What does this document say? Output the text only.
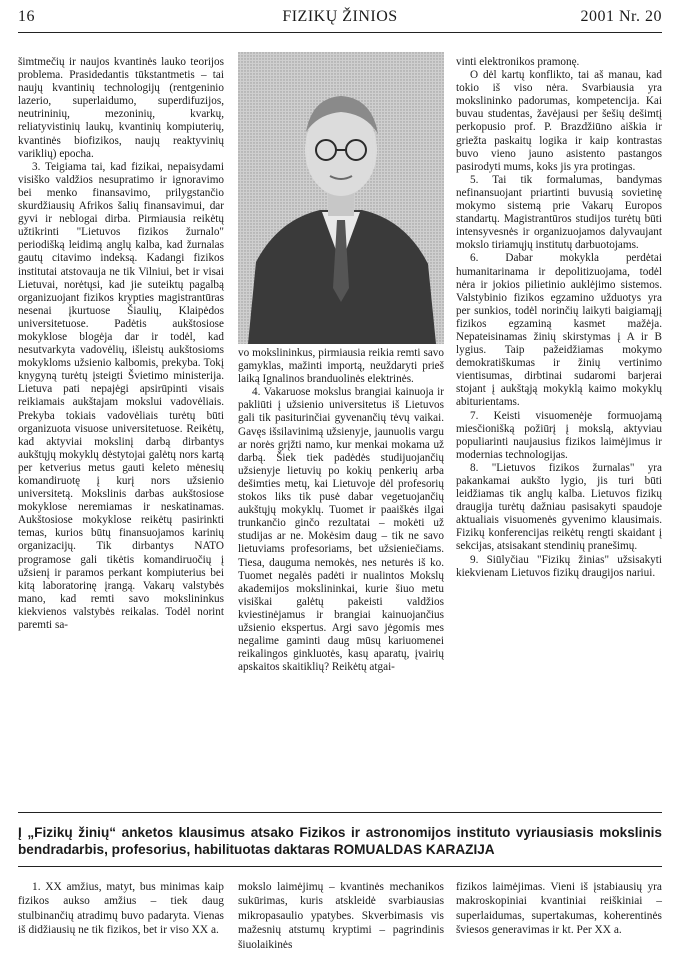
16	FIZIKŲ ŽINIOS	2001 Nr. 20

šimtmečių ir naujos kvantinės lauko teorijos problema. Prasidedantis tūkstantmetis – tai naujų kvantinių technologijų (rentgeninio lazerio, superlaidumo, superdifuzijos, neutrininių, mezoninių, kvarkų, reliatyvistinių laukų, kvantinių kompiuterių, kvantinės biofizikos, naujų reaktyvinių variklių) epocha.

3. Teigiama tai, kad fizikai, nepaisydami visiško valdžios nesupratimo ir ignoravimo bei menko finansavimo, prilygstančio skurdžiausių Afrikos šalių finansavimui, dar gyvi ir neblogai dirba. Pirmiausia reikėtų užtikrinti "Lietuvos fizikos žurnalo" periodišką leidimą anglų kalba, kad žurnalas gautų citavimo indeksą. Kadangi fizikos institutai atstovauja ne tik Vilniui, bet ir visai Lietuvai, norėtųsi, kad jie suteiktų pagalbą organizuojant fizikos krypties magistrantūras nesenai įkurtuose Šiaulių, Klaipėdos universitetuose. Padėtis aukštosiose mokyklose blogėja dar ir todėl, kad nesutvarkyta vadovėlių, išleistų aukštosioms mokykloms užsienio kalbomis, prekyba. Tokį knygyną turėtų įsteigti Švietimo ministerija. Lietuva pati nepajėgi apsirūpinti visais reikiamais aukštajam mokslui vadovėliais. Prekyba tokiais vadovėliais turėtų būti organizuota visuose universitetuose. Reikėtų, kad aktyviai mokslinį darbą dirbantys aukštųjų mokyklų dėstytojai galėtų nors kartą per ketverius metus gauti keleto mėnesių komandiruotę į kurį nors užsienio universitetą. Mokslinis darbas aukštosiose mokyklose neremiamas ir neskatinamas. Aukštosiose mokyklose reikėtų pasirinkti temas, kurios būtų finansuojamos karinių organizacijų. Tik dirbantys NATO programose gali tikėtis komandiruočių į užsienį ir paramos perkant kompiuterius bei kitą laboratorinę įrangą. Vakarų valstybės mano, kad remti savo mokslininkus kiekvienos valstybės reikalas. Todėl norint paremti sa-

vo mokslininkus, pirmiausia reikia remti savo gamyklas, mažinti importą, neuždaryti prieš laiką Ignalinos branduolinės elektrinės.

4. Vakaruose mokslus brangiai kainuoja ir pakliūti į užsienio universitetus iš Lietuvos gali tik pasiturinčiai gyvenančių tėvų vaikai. Gavęs išsilavinimą užsienyje, jaunuolis vargu ar norės grįžti namo, kur menkai mokama už darbą. Šiek tiek padėdės studijuojančių užsienyje lietuvių po kokių penkerių arba dešimties metų, kai Lietuvoje dėl profesorių stokos liks tik pusė dabar vegetuojančių aukštųjų mokyklų. Tuomet ir paaiškės ilgai trunkančio ginčo rezultatai – mokėti už studijas ar ne. Mokėsim daug – tik ne savo lietuviams profesoriams, bet užsieniečiams. Tiesa, dauguma nemokės, nes neturės iš ko. Tuomet negalės padėti ir nualintos Mokslų akademijos mokslininkai, kurie šiuo metu visiškai galėtų pakeisti valdžios kviestinėjamus ir brangiai kainuojančius užsienio ekspertus. Argi savo jėgomis mes negalime gaminti daug mūsų kariuomenei reikalingos ginkluotės, kasų aparatų, įvairių apskaitos skaitiklių? Reikėtų atgai-

vinti elektronikos pramonę.

O dėl kartų konflikto, tai aš manau, kad tokio iš viso nėra. Svarbiausia yra mokslininko padorumas, kompetencija. Kai buvau studentas, žavėjausi per šešių dešimtį perkopusio prof. P. Brazdžiūno aiškia ir griežta paskaitų logika ir kaip kontrastas buvo vieno jauno asistento pastangos pasirodyti mums, koks jis yra protingas.

5. Tai tik formalumas, bandymas nefinansuojant priartinti buvusią sovietinę mokymo sistemą prie Vakarų Europos standartų. Magistrantūros studijos turėtų būti intensyvesnės ir organizuojamos dalyvaujant mokslo tiriamųjų institutų darbuotojams.

6. Dabar mokykla perdėtai humanitarinama ir depolitizuojama, todėl nėra ir jokios pilietinio auklėjimo sistemos. Valstybinio fizikos egzamino užduotys yra per sunkios, todėl norinčių laikyti baigiamąjį fizikos egzaminą kasmet mažėja. Nepateisinamas žinių skirstymas į A ir B lygius. Taip pažeidžiamas mokymo demokratiškumas ir žinių vertinimo vientisumas, dirbtinai sudaromi barjerai stojant į aukštąją mokyklą kaimo mokyklų abiturientams.

7. Keisti visuomenėje formuojamą miesčionišką požiūrį į mokslą, aktyviau populiarinti naujausius fizikos laimėjimus ir modernias technologijas.

8. "Lietuvos fizikos žurnalas" yra pakankamai aukšto lygio, jis turi būti leidžiamas tik anglų kalba. Lietuvos fizikų draugija turėtų dažniau pasisakyti spaudoje aktualiais visuomenės gyvenimo klausimais. Fizikų konferencijas reikėtų rengti skaidant į sekcijas, atsisakant stendinių pranešimų.

9. Siūlyčiau "Fizikų žinias" užsisakyti kiekvienam Lietuvos fizikų draugijos nariui.

Į „Fizikų žinių“ anketos klausimus atsako Fizikos ir astronomijos instituto vyriausiasis mokslinis bendradarbis, profesorius, habilituotas daktaras ROMUALDAS KARAZIJA

1. XX amžius, matyt, bus minimas kaip fizikos aukso amžius – tiek daug stulbinančių atradimų buvo padaryta. Vienas iš didžiausių ne tik fizikos, bet ir viso XX a.

mokslo laimėjimų – kvantinės mechanikos sukūrimas, kuris atskleidė svarbiausias mikropasaulio ypatybes. Skverbimasis vis mažesnių atstumų kryptimi – pagrindinis šiuolaikinės

fizikos laimėjimas. Vieni iš įstabiausių yra makroskopiniai kvantiniai reiškiniai – superlaidumas, supertakumas, koherentinės šviesos generavimas ir kt. Per XX a.
